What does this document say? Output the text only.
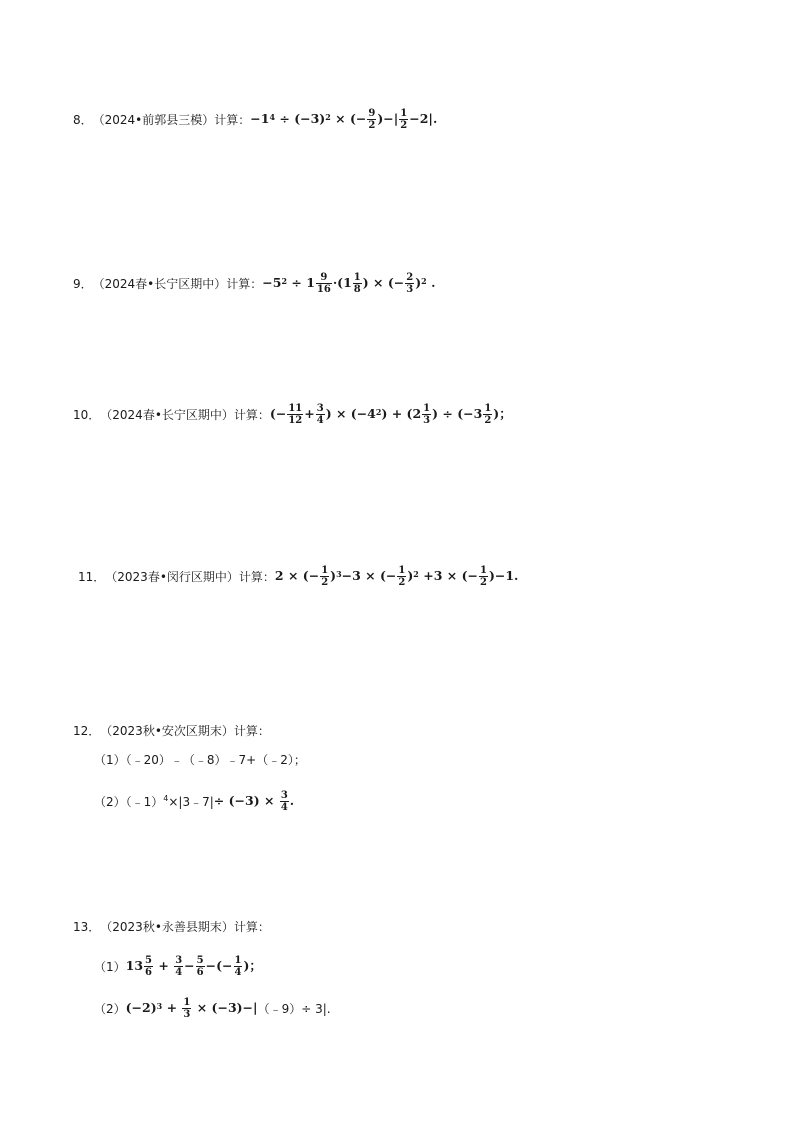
8． （2024•前郭县三模） 计算： $-1^4 \div (-3)^2$ × (− $\frac{9}{2}$ )−| $\frac{1}{2} -2|$.
9． （2024春•长宁区期中） 计算： $-5^2 \div 1 \frac{9}{16} \cdot(1 \frac{1}{8}$ ) × (− $\frac{2}{3} )^2$ .
10． （2024春•长宁区期中） 计算： (− $\frac{11}{12} + \frac{3}{4}$ ) × $(-4^2) + (2 \frac{1}{3}$ ) ÷ ($-3 \frac{1}{2}$ )；
11． （2023春•闵行区期中） 计算： 2 × (− $\frac{1}{2} )^3-3$ × (− $\frac{1}{2} )^2 +3$ × (− $\frac{1}{2} )-1$.
12． （2023秋•安次区期末） 计算：
（1）（﹣20）﹣（﹣8）﹣7+（﹣2）；
（2）（﹣1）$^4$ ×|3﹣7| ÷ $(-3) \times \frac{3}{4}$ .
13． （2023秋•永善县期末） 计算：
（1） $13 \frac{5}{6} + \frac{3}{4} - \frac{5}{6}$ −(− $\frac{1}{4}$ )；
（2） $(-2)^3 + \frac{1}{3} \times (-3)-|$ （﹣9）÷ 3|.
